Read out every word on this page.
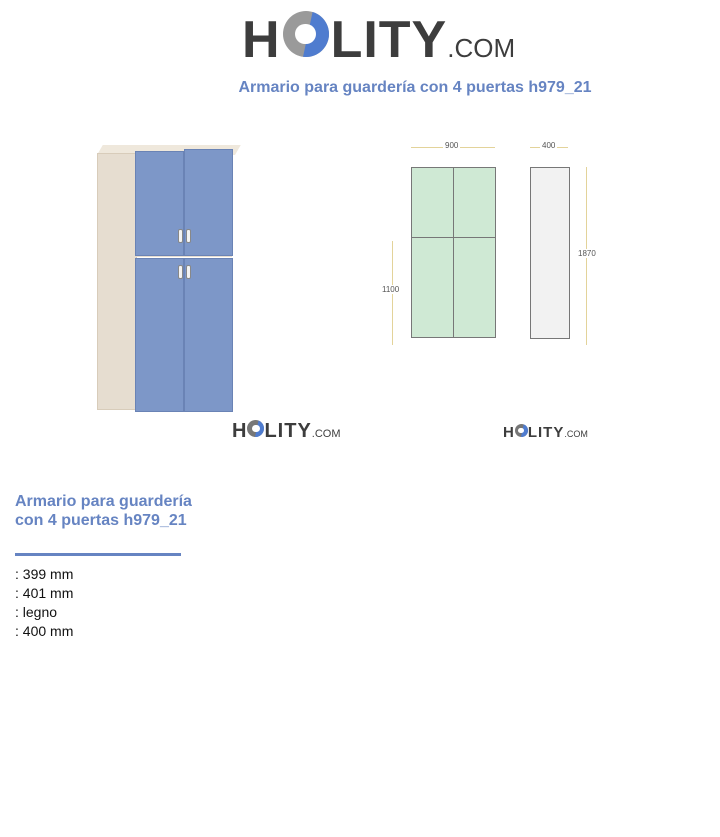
H LITY .COM
Armario para guardería con 4 puertas h979_21
H LITY .COM
900	400
1100
1870
H LITY .COM
Armario para guardería con 4 puertas h979_21
: 399 mm
: 401 mm
: legno
: 400 mm
